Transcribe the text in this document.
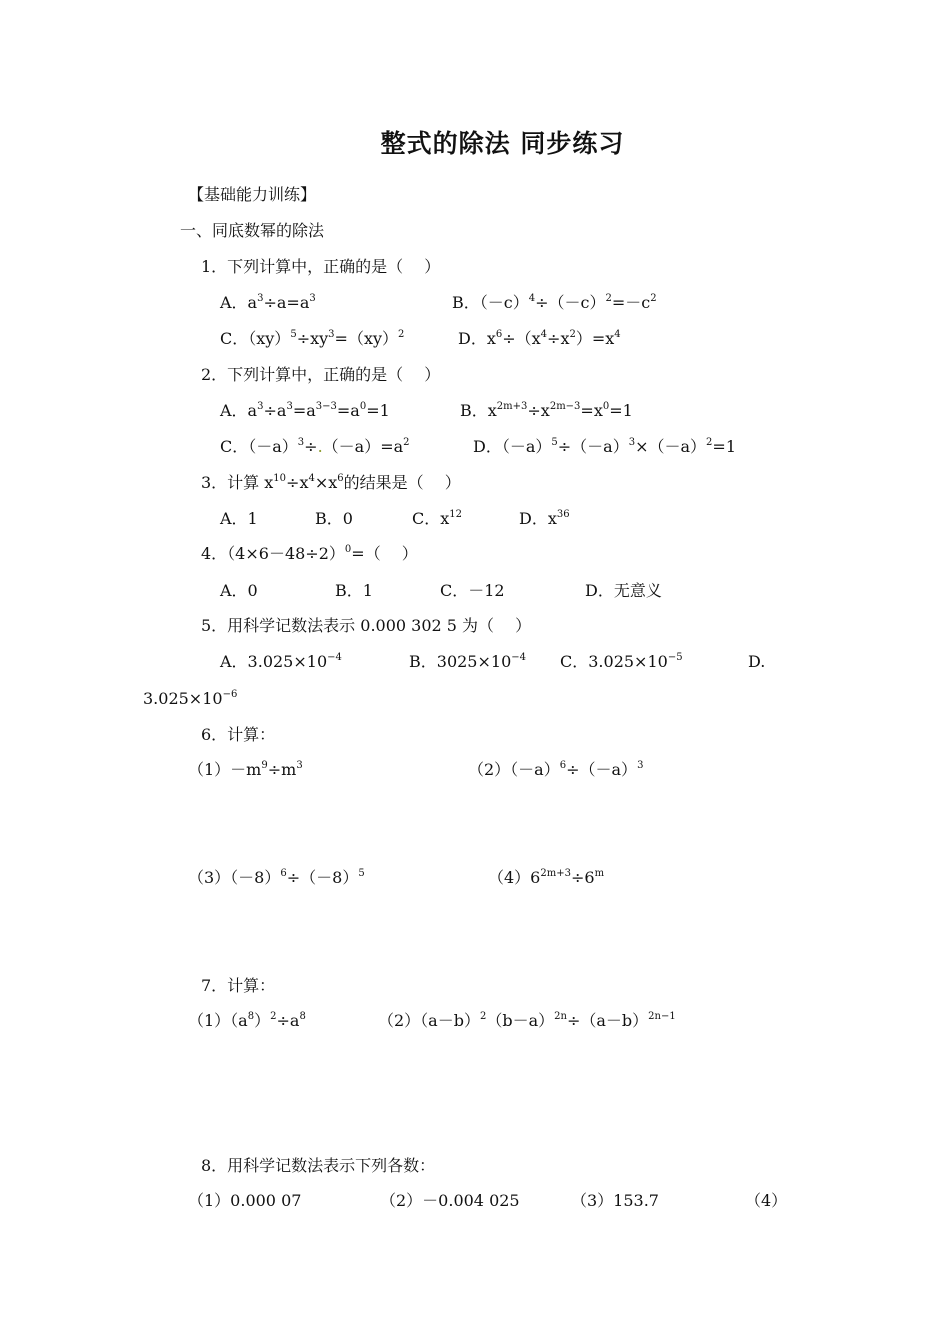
整式的除法 同步练习
【基础能力训练】
一、同底数幂的除法
1．下列计算中，正确的是（　 ）
A．$a^3\div a=a^3$	B．$(-c)^4\div(-c)^2=-c^2$
C．$(xy)^5\div xy^3=(xy)^2$	D．$x^6\div(x^4\div x^2)=x^4$
2．下列计算中，正确的是（　 ）
A．$a^3\div a^3=a^{3-3}=a^0=1$	B．$x^{2m+3}\div x^{2m-3}=x^0=1$
C．$(-a)^3\div.(-a)=a^2$	D．$(-a)^5\div(-a)^3\times(-a)^2=1$
3．计算 $x^{10}\div x^4\times x^6$的结果是（　 ）
A．1	B．0	C．$x^{12}$	D．$x^{36}$
4．$(4\times 6-48\div 2)^0=$（　 ）
A．0	B．1	C．－12	D．无意义
5．用科学记数法表示 0.000 302 5 为（　 ）
A．$3.025\times 10^{-4}$	B．$3025\times 10^{-4}$ C．$3.025\times 10^{-5}$	D.
$3.025\times 10^{-6}$
6．计算：
$(1)-m^9\div m^3$	$(2)(-a)^6\div(-a)^3$
$(3)(-8)^6\div(-8)^5$	$(4)6^{2m+3}\div 6^m$
7．计算：
$(1)(a^8)^2\div a^8$	$(2)(a-b)^2(b-a)^{2n}\div(a-b)^{2n-1}$
8．用科学记数法表示下列各数：
（1）0.000 07	（2）－0.004 025	（3）153.7	（4）
